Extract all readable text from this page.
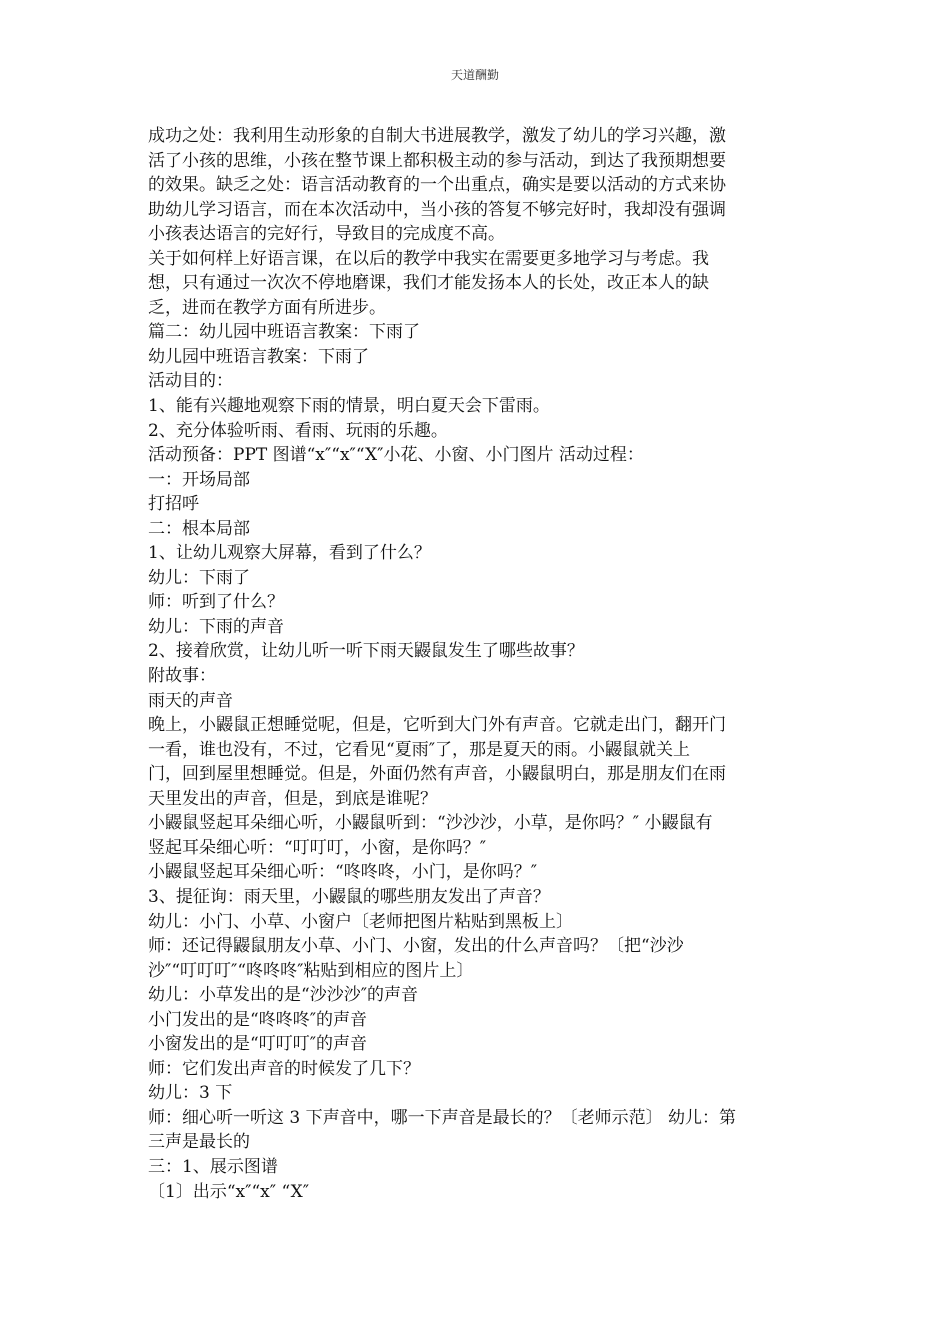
天道酬勤
成功之处：我利用生动形象的自制大书进展教学，激发了幼儿的学习兴趣，激
活了小孩的思维，小孩在整节课上都积极主动的参与活动，到达了我预期想要
的效果。缺乏之处：语言活动教育的一个出重点，确实是要以活动的方式来协
助幼儿学习语言，而在本次活动中，当小孩的答复不够完好时，我却没有强调
小孩表达语言的完好行，导致目的完成度不高。
关于如何样上好语言课，在以后的教学中我实在需要更多地学习与考虑。我
想，只有通过一次次不停地磨课，我们才能发扬本人的长处，改正本人的缺
乏，进而在教学方面有所进步。
篇二：幼儿园中班语言教案：下雨了
幼儿园中班语言教案：下雨了
活动目的：
1、能有兴趣地观察下雨的情景，明白夏天会下雷雨。
2、充分体验听雨、看雨、玩雨的乐趣。
活动预备：PPT 图谱“x″“x″“X″小花、小窗、小门图片 活动过程：
一：开场局部
打招呼
二：根本局部
1、让幼儿观察大屏幕，看到了什么？
幼儿：下雨了
师：听到了什么？
幼儿：下雨的声音
2、接着欣赏，让幼儿听一听下雨天鼹鼠发生了哪些故事？
附故事：
雨天的声音
晚上，小鼹鼠正想睡觉呢，但是，它听到大门外有声音。它就走出门，翻开门
一看，谁也没有，不过，它看见“夏雨″了，那是夏天的雨。小鼹鼠就关上
门，回到屋里想睡觉。但是，外面仍然有声音，小鼹鼠明白，那是朋友们在雨
天里发出的声音，但是，到底是谁呢？
小鼹鼠竖起耳朵细心听，小鼹鼠听到：“沙沙沙，小草，是你吗？″ 小鼹鼠有
竖起耳朵细心听：“叮叮叮，小窗，是你吗？″
小鼹鼠竖起耳朵细心听：“咚咚咚，小门，是你吗？″
3、提征询：雨天里，小鼹鼠的哪些朋友发出了声音？
幼儿：小门、小草、小窗户〔老师把图片粘贴到黑板上〕
师：还记得鼹鼠朋友小草、小门、小窗，发出的什么声音吗？〔把“沙沙
沙″“叮叮叮″“咚咚咚″粘贴到相应的图片上〕
幼儿：小草发出的是“沙沙沙″的声音
小门发出的是“咚咚咚″的声音
小窗发出的是“叮叮叮″的声音
师：它们发出声音的时候发了几下？
幼儿：3 下
师：细心听一听这 3 下声音中，哪一下声音是最长的？〔老师示范〕 幼儿：第
三声是最长的
三：1、展示图谱
〔1〕出示“x″“x″ “X″
